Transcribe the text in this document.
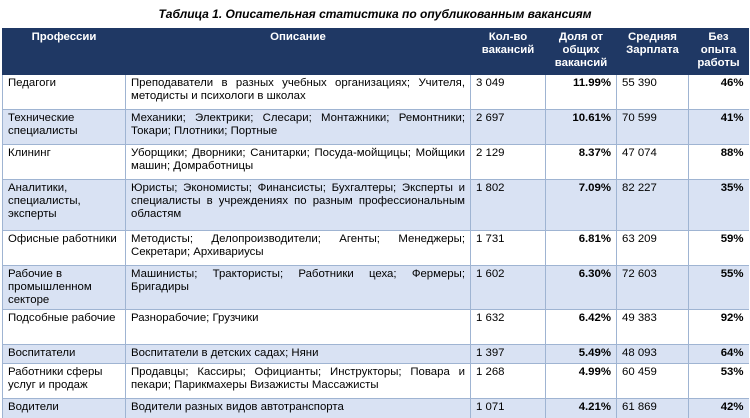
Таблица 1. Описательная статистика по опубликованным вакансиям
Профессии	Описание	Кол-во вакансий	Доля от общих вакансий	Средняя Зарплата	Без опыта работы
Педагоги	Преподаватели в разных учебных организациях; Учителя, методисты и психологи в школах	3 049	11.99%	55 390	46%
Технические специалисты	Механики; Электрики; Слесари; Монтажники; Ремонтники; Токари; Плотники; Портные	2 697	10.61%	70 599	41%
Клининг	Уборщики; Дворники; Санитарки; Посуда-мойщицы; Мойщики машин; Домработницы	2 129	8.37%	47 074	88%
Аналитики, специалисты, эксперты	Юристы; Экономисты; Финансисты; Бухгалтеры; Эксперты и специалисты в учреждениях по разным профессиональным областям	1 802	7.09%	82 227	35%
Офисные работники	Методисты; Делопроизводители; Агенты; Менеджеры; Секретари; Архивариусы	1 731	6.81%	63 209	59%
Рабочие в промышленном секторе	Машинисты; Трактористы; Работники цеха; Фермеры; Бригадиры	1 602	6.30%	72 603	55%
Подсобные рабочие	Разнорабочие; Грузчики	1 632	6.42%	49 383	92%
Воспитатели	Воспитатели в детских садах; Няни	1 397	5.49%	48 093	64%
Работники сферы услуг и продаж	Продавцы; Кассиры; Официанты; Инструкторы; Повара и пекари; Парикмахеры Визажисты Массажисты	1 268	4.99%	60 459	53%
Водители	Водители разных видов автотранспорта	1 071	4.21%	61 869	42%
